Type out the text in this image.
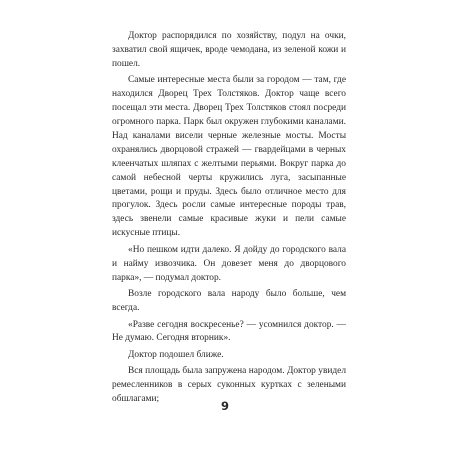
Доктор распорядился по хозяйству, подул на очки, захватил свой ящичек, вроде чемодана, из зеленой кожи и пошел.

Самые интересные места были за городом — там, где находился Дворец Трех Толстяков. Доктор чаще всего посещал эти места. Дворец Трех Толстяков стоял посреди огромного парка. Парк был окружен глубокими каналами. Над каналами висели черные железные мосты. Мосты охранялись дворцовой стражей — гвардейцами в черных клеенчатых шляпах с желтыми перьями. Вокруг парка до самой небесной черты кружились луга, засыпанные цветами, рощи и пруды. Здесь было отличное место для прогулок. Здесь росли самые интересные породы трав, здесь звенели самые красивые жуки и пели самые искусные птицы.

«Но пешком идти далеко. Я дойду до городского вала и найму извозчика. Он довезет меня до дворцового парка», — подумал доктор.

Возле городского вала народу было больше, чем всегда.

«Разве сегодня воскресенье? — усомнился доктор. — Не думаю. Сегодня вторник».

Доктор подошел ближе.

Вся площадь была запружена народом. Доктор увидел ремесленников в серых суконных куртках с зелеными обшлагами;	9
